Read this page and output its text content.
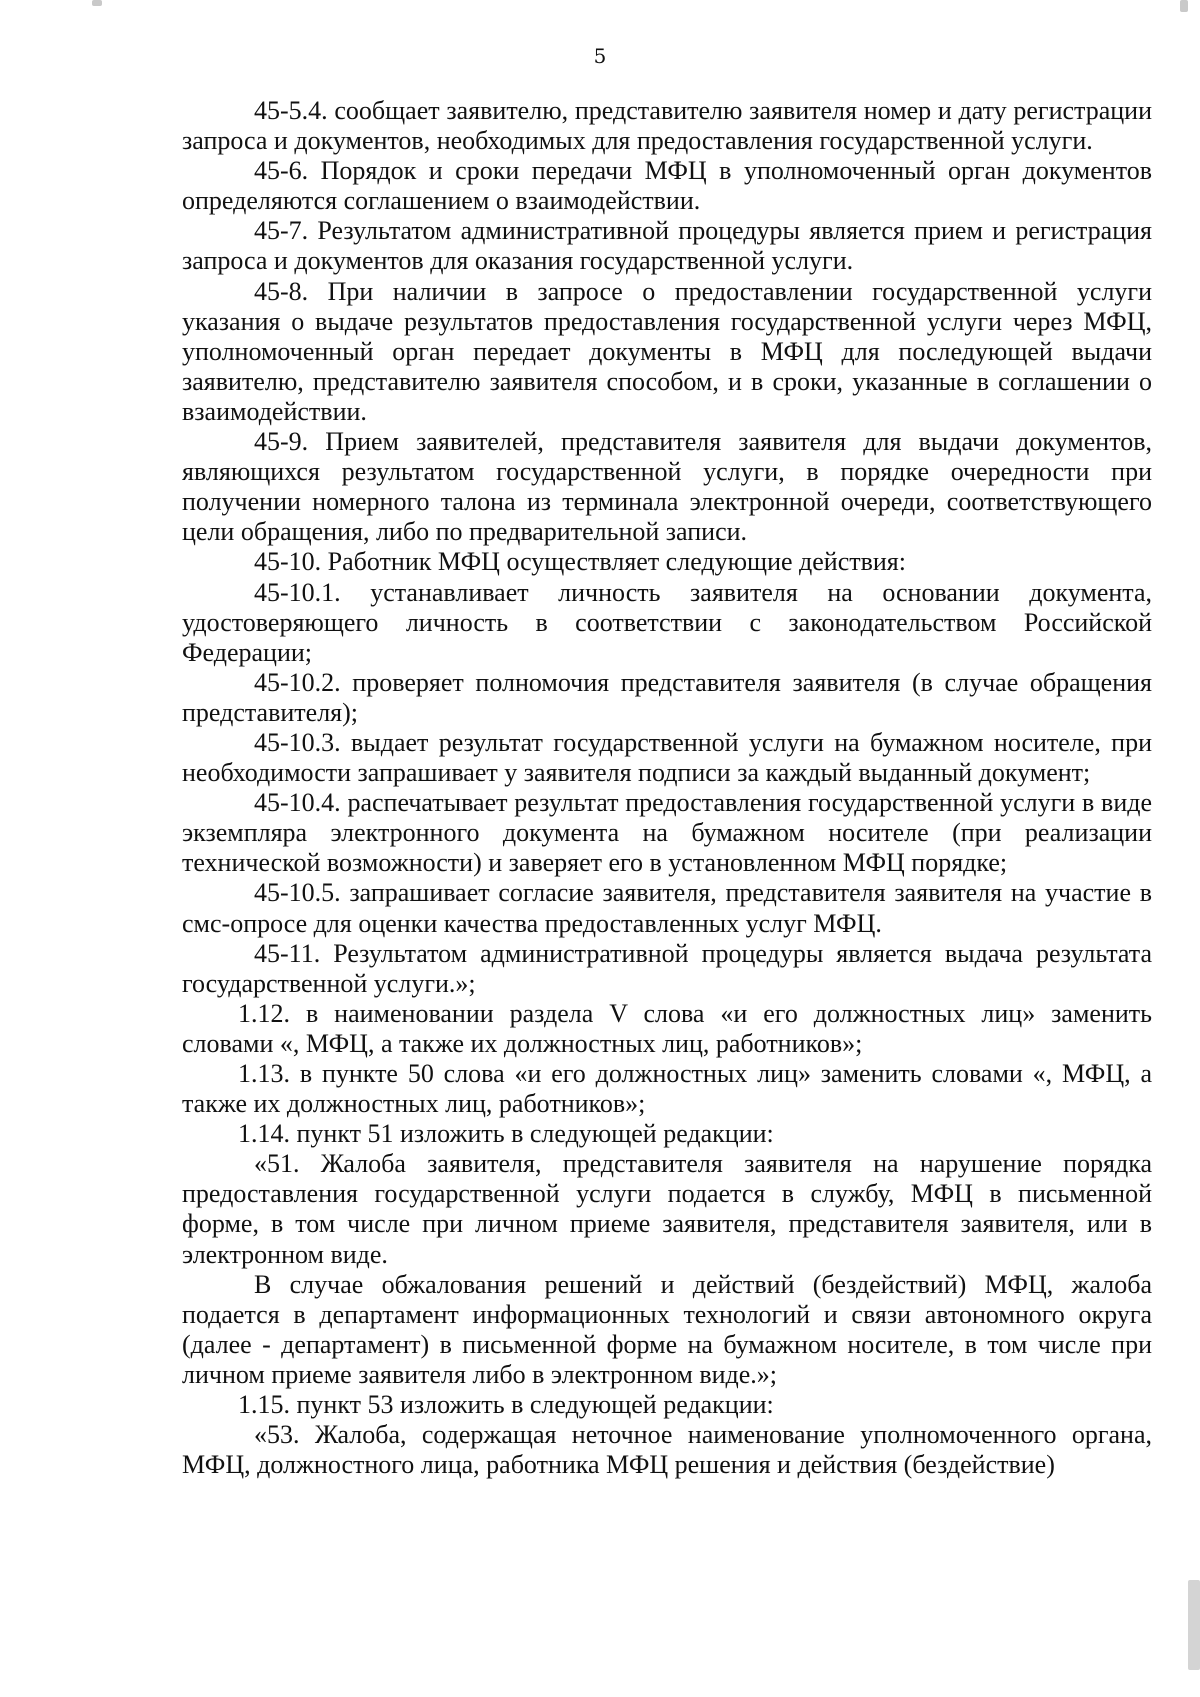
5

45-5.4. сообщает заявителю, представителю заявителя номер и дату регистрации запроса и документов, необходимых для предоставления государственной услуги.

45-6. Порядок и сроки передачи МФЦ в уполномоченный орган документов определяются соглашением о взаимодействии.

45-7. Результатом административной процедуры является прием и регистрация запроса и документов для оказания государственной услуги.

45-8. При наличии в запросе о предоставлении государственной услуги указания о выдаче результатов предоставления государственной услуги через МФЦ, уполномоченный орган передает документы в МФЦ для последующей выдачи заявителю, представителю заявителя способом, и в сроки, указанные в соглашении о взаимодействии.

45-9. Прием заявителей, представителя заявителя для выдачи документов, являющихся результатом государственной услуги, в порядке очередности при получении номерного талона из терминала электронной очереди, соответствующего цели обращения, либо по предварительной записи.

45-10. Работник МФЦ осуществляет следующие действия:

45-10.1. устанавливает личность заявителя на основании документа, удостоверяющего личность в соответствии с законодательством Российской Федерации;

45-10.2. проверяет полномочия представителя заявителя (в случае обращения представителя);

45-10.3. выдает результат государственной услуги на бумажном носителе, при необходимости запрашивает у заявителя подписи за каждый выданный документ;

45-10.4. распечатывает результат предоставления государственной услуги в виде экземпляра электронного документа на бумажном носителе (при реализации технической возможности) и заверяет его в установленном МФЦ порядке;

45-10.5. запрашивает согласие заявителя, представителя заявителя на участие в смс-опросе для оценки качества предоставленных услуг МФЦ.

45-11. Результатом административной процедуры является выдача результата государственной услуги.»;

1.12. в наименовании раздела V слова «и его должностных лиц» заменить словами «, МФЦ, а также их должностных лиц, работников»;

1.13. в пункте 50 слова «и его должностных лиц» заменить словами «, МФЦ, а также их должностных лиц, работников»;

1.14. пункт 51 изложить в следующей редакции:

«51. Жалоба заявителя, представителя заявителя на нарушение порядка предоставления государственной услуги подается в службу, МФЦ в письменной форме, в том числе при личном приеме заявителя, представителя заявителя, или в электронном виде.

В случае обжалования решений и действий (бездействий) МФЦ, жалоба подается в департамент информационных технологий и связи автономного округа (далее - департамент) в письменной форме на бумажном носителе, в том числе при личном приеме заявителя либо в электронном виде.»;

1.15. пункт 53 изложить в следующей редакции:

«53. Жалоба, содержащая неточное наименование уполномоченного органа, МФЦ, должностного лица, работника МФЦ решения и действия (бездействие)
